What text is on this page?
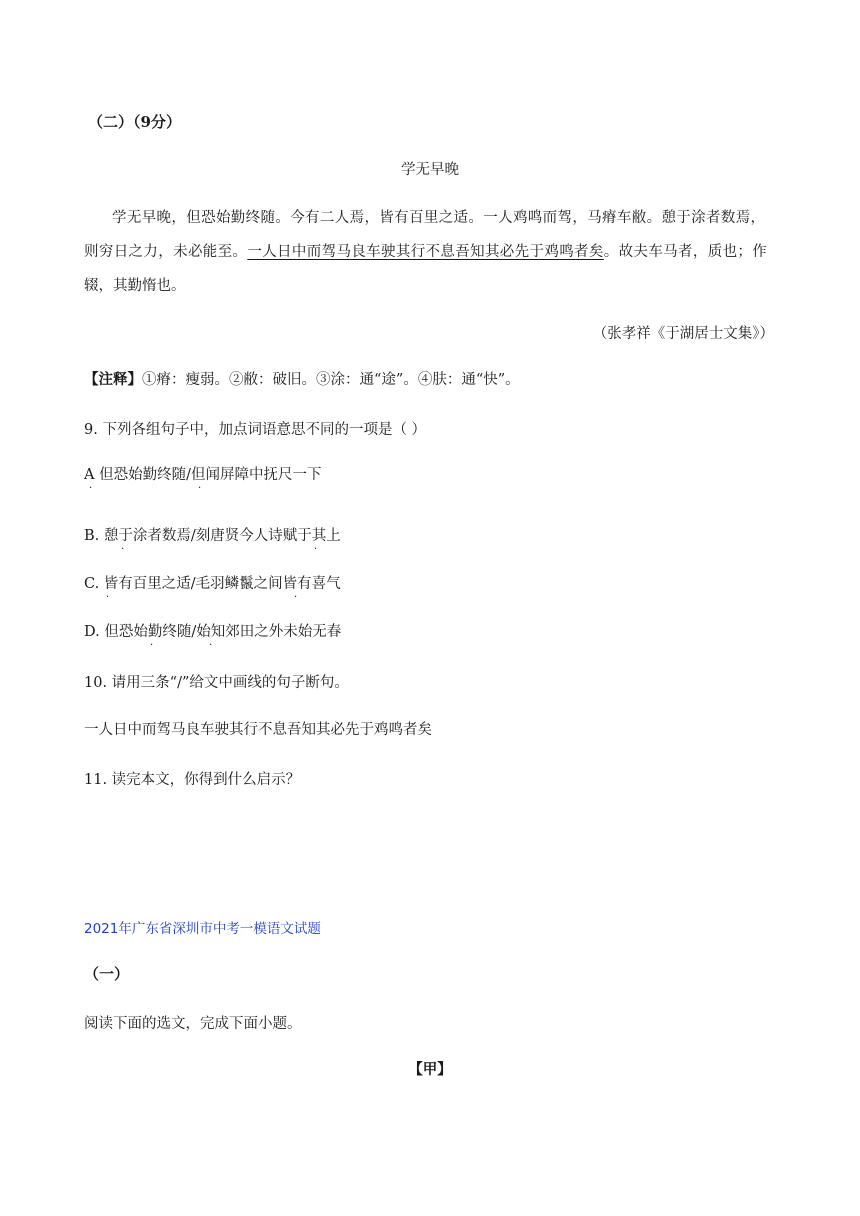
（二）（9分）
学无早晚
学无早晚，但恐始勤终随。今有二人焉，皆有百里之适。一人鸡鸣而驾，马瘠车敝。憩于涂者数焉，
则穷日之力，未必能至。一人日中而驾马良车驶其行不息吾知其必先于鸡鸣者矣。故夫车马者，质也；作
辍，其勤惰也。
（张孝祥《于湖居士文集》）
【注释】①瘠：瘦弱。②敝：破旧。③涂：通“途”。④肤：通“快”。
9. 下列各组句子中，加点词语意思不同的一项是（ ）
A 但恐始勤终随/但闻屏障中抚尺一下
·	·
B. 憩于涂者数焉/刻唐贤今人诗赋于其上
·	·
C. 皆有百里之适/毛羽鳞鬣之间皆有喜气
·	·
D. 但恐始勤终随/始知郊田之外未始无春
·	·
10. 请用三条“/”给文中画线的句子断句。
一人日中而驾马良车驶其行不息吾知其必先于鸡鸣者矣
11. 读完本文，你得到什么启示？
2021年广东省深圳市中考一模语文试题
（一）
阅读下面的选文，完成下面小题。
【甲】
